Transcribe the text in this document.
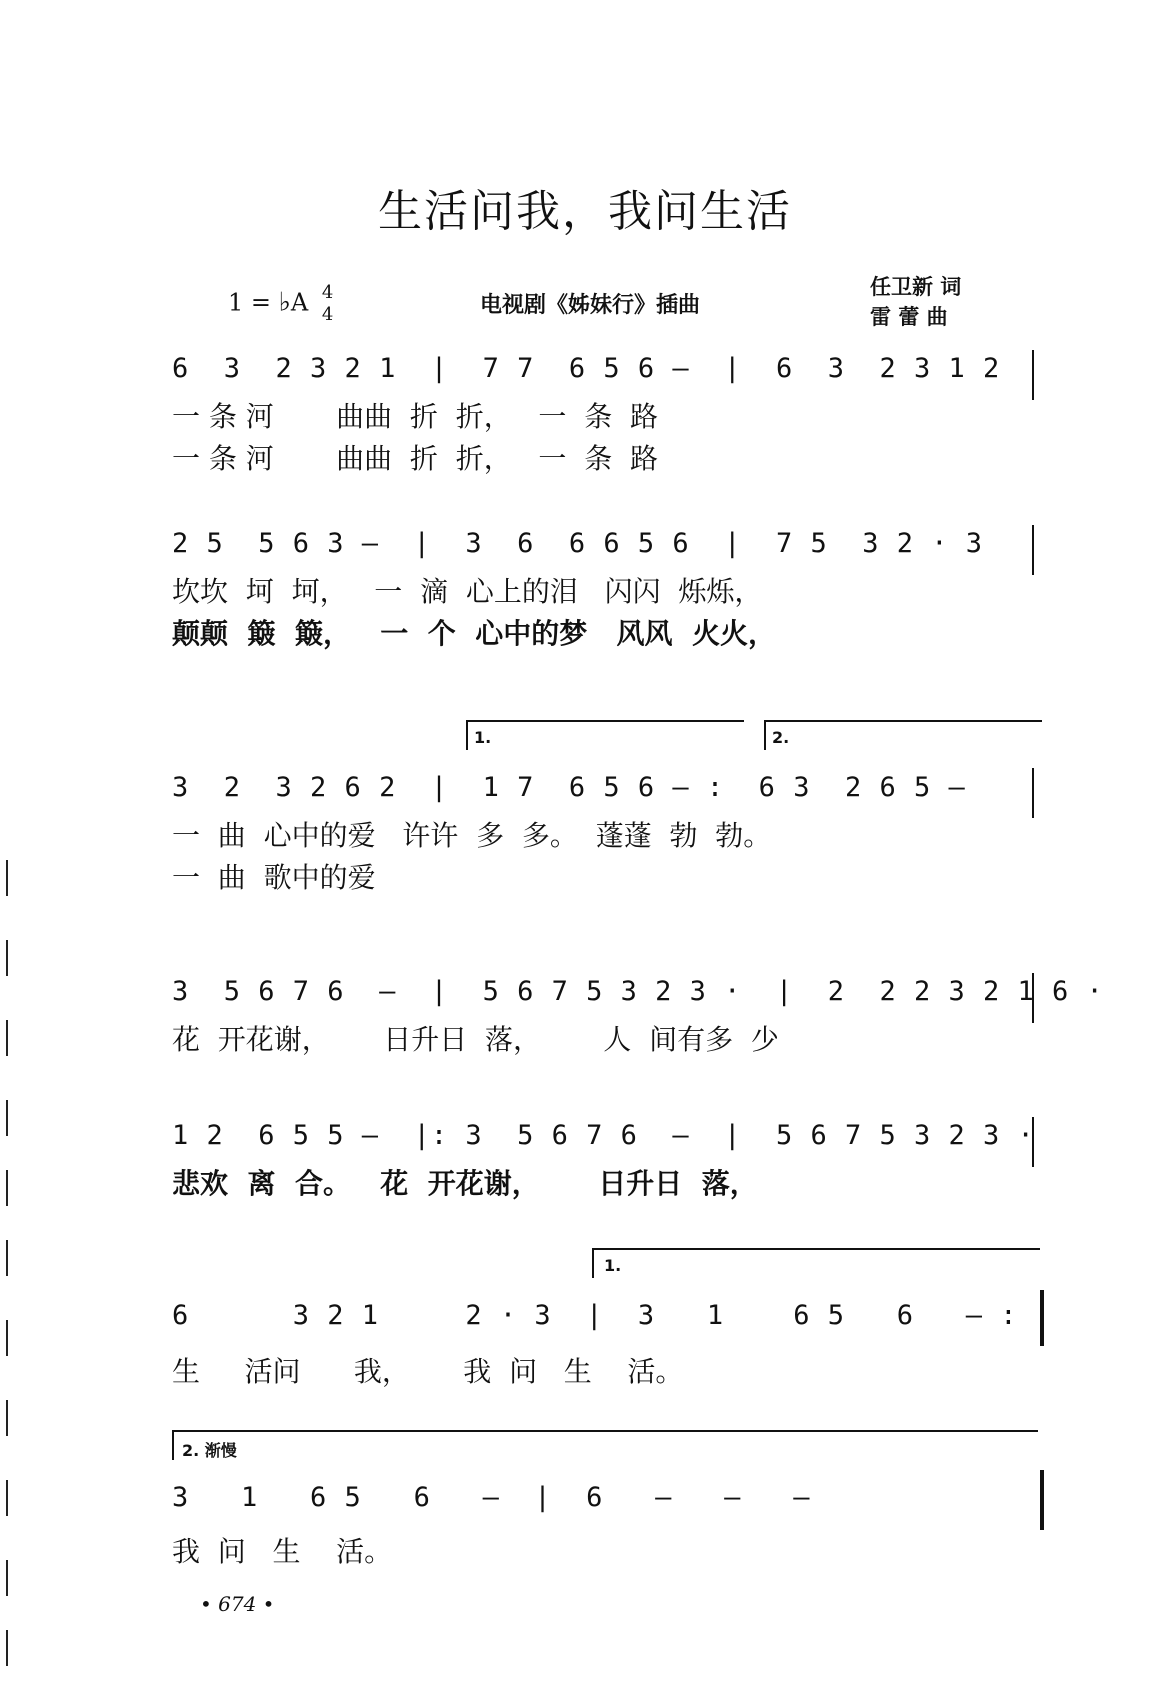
生活问我，我问生活
1 = ♭A 4
4	电视剧《姊妹行》插曲
任卫新 词
雷 蕾 曲
6  3  2 3 2 1  |  7 7  6 5 6 —  |  6  3  2 3 1 2
一 条 河       曲曲  折  折，   一  条  路
一 条 河       曲曲  折  折，   一  条  路
2 5  5 6 3 —  |  3  6  6 6 5 6  |  7 5  3 2 · 3
坎坎  坷  坷，   一  滴  心上的泪   闪闪  烁烁，
颠颠  簸  簸，   一  个  心中的梦   风风  火火，
1.	2.
3  2  3 2 6 2  |  1 7  6 5 6 — :  6 3  2 6 5 —
一  曲  心中的爱   许许  多  多。  蓬蓬  勃  勃。
一  曲  歌中的爱
3  5 6 7 6  —  |  5 6 7 5 3 2 3 ·  |  2  2 2 3 2 1 6 ·
花  开花谢，      日升日  落，       人  间有多  少
1 2  6 5 5 —  |: 3  5 6 7 6  —  |  5 6 7 5 3 2 3 ·
悲欢  离  合。   花  开花谢，      日升日  落，
1.
6      3 2 1     2 · 3  |  3   1    6 5   6   — :
生     活问      我，      我  问   生    活。
2. 渐慢
3   1   6 5   6   —  |  6   —   —   —
我  问   生    活。
• 674 •
